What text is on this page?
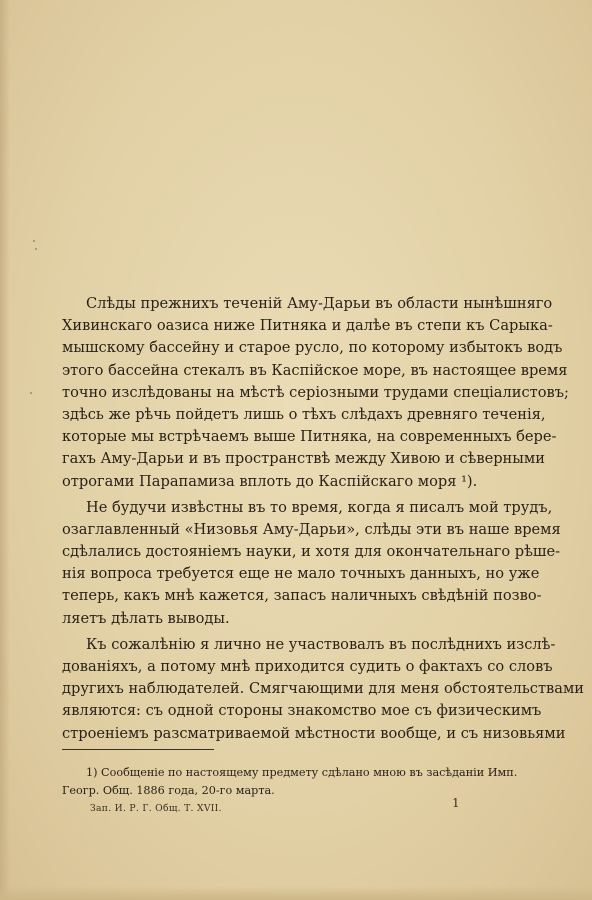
Слѣды прежнихъ теченій Аму-Дарьи въ области нынѣшняго
Хивинскаго оазиса ниже Питняка и далѣе въ степи къ Сарыка-
мышскому бассейну и старое русло, по которому избытокъ водъ
этого бассейна стекалъ въ Каспійское море, въ настоящее время
точно изслѣдованы на мѣстѣ серіозными трудами спеціалистовъ;
здѣсь же рѣчь пойдетъ лишь о тѣхъ слѣдахъ древняго теченія,
которые мы встрѣчаемъ выше Питняка, на современныхъ бере-
гахъ Аму-Дарьи и въ пространствѣ между Хивою и сѣверными
отрогами Парапамиза вплоть до Каспійскаго моря ¹).
Не будучи извѣстны въ то время, когда я писалъ мой трудъ,
озаглавленный «Низовья Аму-Дарьи», слѣды эти въ наше время
сдѣлались достояніемъ науки, и хотя для окончательнаго рѣше-
нія вопроса требуется еще не мало точныхъ данныхъ, но уже
теперь, какъ мнѣ кажется, запасъ наличныхъ свѣдѣній позво-
ляетъ дѣлать выводы.
Къ сожалѣнію я лично не участвовалъ въ послѣднихъ изслѣ-
дованіяхъ, а потому мнѣ приходится судить о фактахъ со словъ
другихъ наблюдателей. Смягчающими для меня обстоятельствами
являются: съ одной стороны знакомство мое съ физическимъ
строеніемъ разсматриваемой мѣстности вообще, и съ низовьями
1) Сообщеніе по настоящему предмету сдѣлано мною въ засѣданіи Имп.
Геогр. Общ. 1886 года, 20-го марта.
Зап. И. Р. Г. Общ. Т. XVII.	1
